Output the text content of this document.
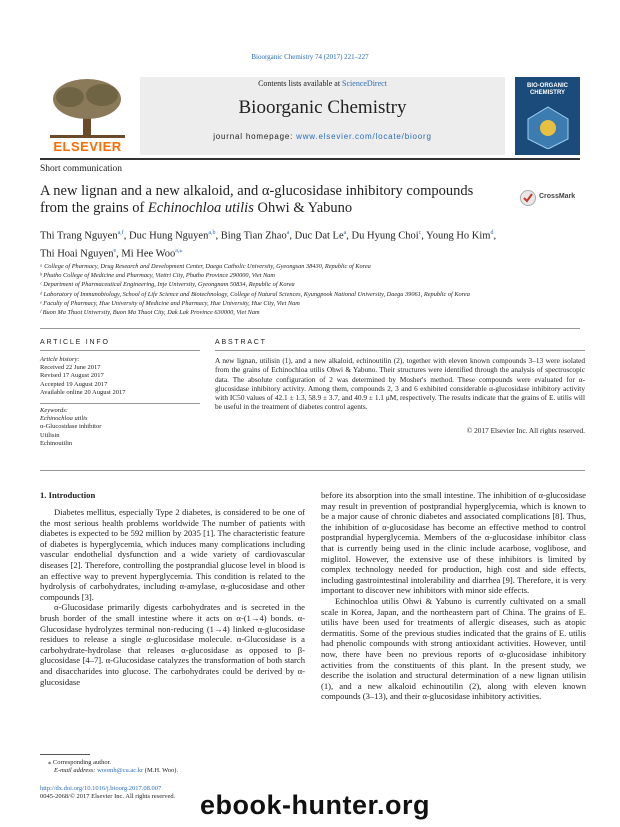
Bioorganic Chemistry 74 (2017) 221–227
ELSEVIER
Contents lists available at ScienceDirect
Bioorganic Chemistry
journal homepage: www.elsevier.com/locate/bioorg
BIO-ORGANIC CHEMISTRY
Short communication
A new lignan and a new alkaloid, and α-glucosidase inhibitory compounds from the grains of Echinochloa utilis Ohwi & Yabuno
CrossMark
Thi Trang Nguyen$^{a,f}$, Duc Hung Nguyen$^{a,b}$, Bing Tian Zhao$^a$, Duc Dat Le$^a$, Du Hyung Choi$^c$, Young Ho Kim$^d$,
Thi Hoai Nguyen$^e$, Mi Hee Woo$^{a,⁎}$
ᵃ College of Pharmacy, Drug Research and Development Center, Daegu Catholic University, Gyeongsan 38430, Republic of Korea
ᵇ Phutho College of Medicine and Pharmacy, Viettri City, Phutho Province 290000, Viet Nam
ᶜ Department of Pharmaceutical Engineering, Inje University, Gyeongnam 50834, Republic of Korea
ᵈ Laboratory of Immunobiology, School of Life Science and Biotechnology, College of Natural Sciences, Kyungpook National University, Daegu 39061, Republic of Korea
ᵉ Faculty of Pharmacy, Hue University of Medicine and Pharmacy, Hue University, Hue City, Viet Nam
ᶠ Buon Ma Thuot University, Buon Ma Thuot City, Dak Lak Province 630000, Viet Nam
ARTICLE INFO	ABSTRACT
Article history:
Received 22 June 2017
Revised 17 August 2017
Accepted 19 August 2017
Available online 20 August 2017
Keywords:
Echinochloa utilis
α-Glucosidase inhibitor
Utilisin
Echinoutilin
A new lignan, utilisin (1), and a new alkaloid, echinoutilin (2), together with eleven known compounds 3–13 were isolated from the grains of Echinochloa utilis Ohwi & Yabuno. Their structures were identified through the analysis of spectroscopic data. The absolute configuration of 2 was determined by Mosher's method. These compounds were evaluated for α-glucosidase inhibitory activity. Among them, compounds 2, 3 and 6 exhibited considerable α-glucosidase inhibitory activity with IC50 values of 42.1 ± 1.3, 58.9 ± 3.7, and 40.9 ± 1.1 μM, respectively. The results indicate that the grains of E. utilis will be useful in the treatment of diabetes control agents.
© 2017 Elsevier Inc. All rights reserved.
1. Introduction

Diabetes mellitus, especially Type 2 diabetes, is considered to be one of the most serious health problems worldwide The number of patients with diabetes is expected to be 592 million by 2035 [1]. The characteristic feature of diabetes is hyperglycemia, which induces many complications including vascular endothelial dysfunction and a wide variety of cardiovascular diseases [2]. Therefore, controlling the postprandial glucose level in blood is an effective way to prevent hyperglycemia. This condition is related to the hydrolysis of carbohydrates, including α-amylase, α-glucosidase and other compounds [3].

α-Glucosidase primarily digests carbohydrates and is secreted in the brush border of the small intestine where it acts on α-(1→4) bonds. α-Glucosidase hydrolyzes terminal non-reducing (1→4) linked α-glucosidase residues to release a single α-glucosidase molecule. α-Glucosidase is a carbohydrate-hydrolase that releases α-glucosidase as opposed to β-glucosidase [4–7]. α-Glucosidase catalyzes the transformation of both starch and disaccharides into glucose. The carbohydrates could be derived by α-glucosidase

before its absorption into the small intestine. The inhibition of α-glucosidase may result in prevention of postprandial hyperglycemia, which is known to be a major cause of chronic diabetes and associated complications [8]. Thus, the inhibition of α-glucosidase has become an effective method to control postprandial hyperglycemia. Members of the α-glucosidase inhibitor class that is currently being used in the clinic include acarbose, voglibose, and miglitol. However, the extensive use of these inhibitors is limited by complex technology needed for production, high cost and side effects, including gastrointestinal intolerability and diarrhea [9]. Therefore, it is very important to discover new inhibitors with minor side effects.

Echinochloa utilis Ohwi & Yabuno is currently cultivated on a small scale in Korea, Japan, and the northeastern part of China. The grains of E. utilis have been used for treatments of allergic diseases, such as atopic dermatitis. Some of the previous studies indicated that the grains of E. utilis had phenolic compounds with strong antioxidant activities. However, until now, there have been no previous reports of α-glucosidase inhibitory activities from the constituents of this plant. In the present study, we describe the isolation and structural determination of a new lignan utilisin (1), and a new alkaloid echinoutilin (2), along with eleven known compounds (3–13), and their α-glucosidase inhibitory activities.

⁎ Corresponding author.
E-mail address: woomh@cu.ac.kr (M.H. Woo).
http://dx.doi.org/10.1016/j.bioorg.2017.08.007
0045-2068/© 2017 Elsevier Inc. All rights reserved. ebook-hunter.org
